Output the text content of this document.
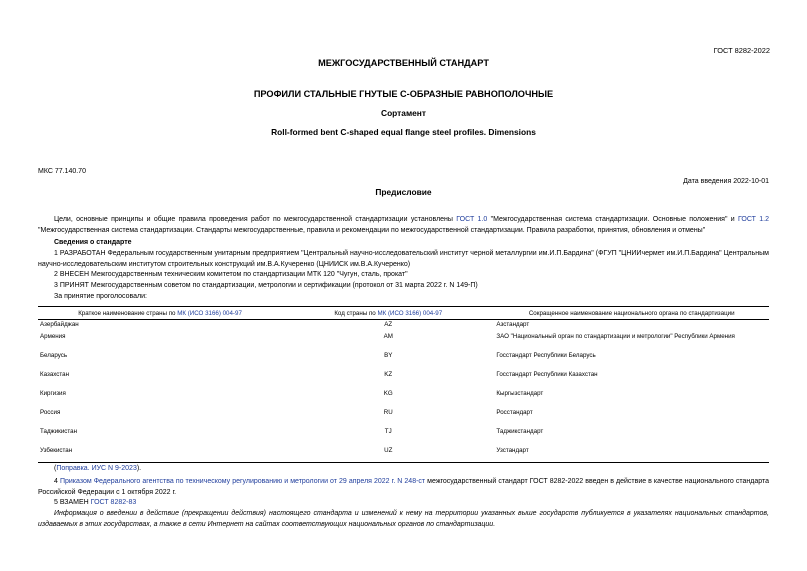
ГОСТ 8282-2022
МЕЖГОСУДАРСТВЕННЫЙ СТАНДАРТ
ПРОФИЛИ СТАЛЬНЫЕ ГНУТЫЕ С-ОБРАЗНЫЕ РАВНОПОЛОЧНЫЕ
Сортамент
Roll-formed bent C-shaped equal flange steel profiles. Dimensions
МКС 77.140.70
Дата введения 2022-10-01
Предисловие
Цели, основные принципы и общие правила проведения работ по межгосударственной стандартизации установлены ГОСТ 1.0 "Межгосударственная система стандартизации. Основные положения" и ГОСТ 1.2 "Межгосударственная система стандартизации. Стандарты межгосударственные, правила и рекомендации по межгосударственной стандартизации. Правила разработки, принятия, обновления и отмены"
Сведения о стандарте
1 РАЗРАБОТАН Федеральным государственным унитарным предприятием "Центральный научно-исследовательский институт черной металлургии им.И.П.Бардина" (ФГУП "ЦНИИчермет им.И.П.Бардина" Центральным научно-исследовательским институтом строительных конструкций им.В.А.Кучеренко (ЦНИИСК им.В.А.Кучеренко)
2 ВНЕСЕН Межгосударственным техническим комитетом по стандартизации МТК 120 "Чугун, сталь, прокат"
3 ПРИНЯТ Межгосударственным советом по стандартизации, метрологии и сертификации (протокол от 31 марта 2022 г. N 149-П)
За принятие проголосовали:
Краткое наименование страны по МК (ИСО 3166) 004-97	Код страны по МК (ИСО 3166) 004-97	Сокращенное наименование национального органа по стандартизации
Азербайджан	AZ	Азстандарт
Армения	AM	ЗАО "Национальный орган по стандартизации и метрологии" Республики Армения
Беларусь	BY	Госстандарт Республики Беларусь
Казахстан	KZ	Госстандарт Республики Казахстан
Киргизия	KG	Кыргызстандарт
Россия	RU	Росстандарт
Таджикистан	TJ	Таджикстандарт
Узбекистан	UZ	Узстандарт
(Поправка. ИУС N 9-2023).
4 Приказом Федерального агентства по техническому регулированию и метрологии от 29 апреля 2022 г. N 248-ст межгосударственный стандарт ГОСТ 8282-2022 введен в действие в качестве национального стандарта Российской Федерации с 1 октября 2022 г.
5 ВЗАМЕН ГОСТ 8282-83
Информация о введении в действие (прекращении действия) настоящего стандарта и изменений к нему на территории указанных выше государств публикуется в указателях национальных стандартов, издаваемых в этих государствах, а также в сети Интернет на сайтах соответствующих национальных органов по стандартизации.
